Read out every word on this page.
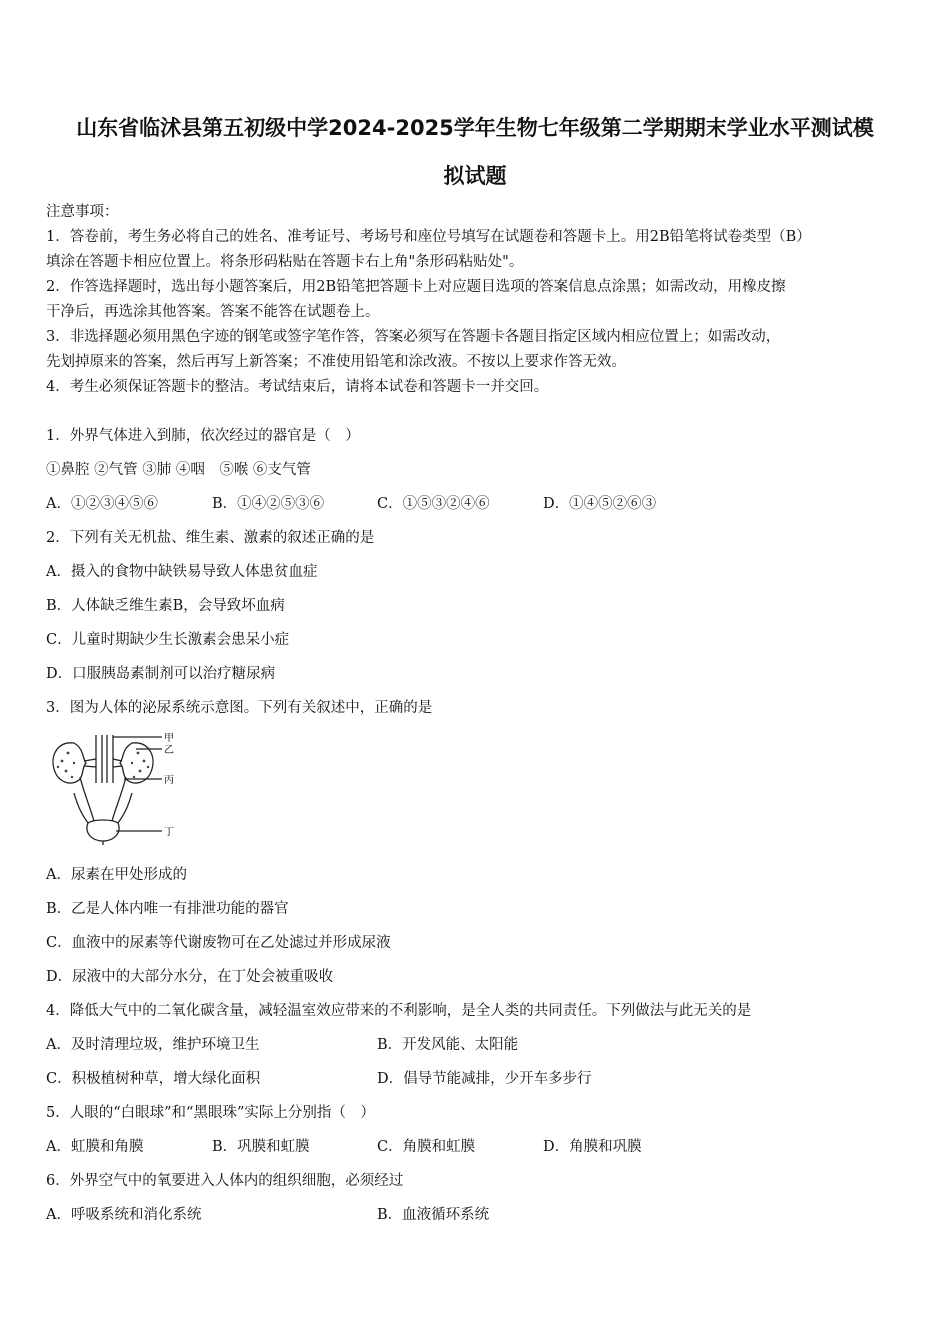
山东省临沭县第五初级中学2024-2025学年生物七年级第二学期期末学业水平测试模
拟试题
注意事项：
1．答卷前，考生务必将自己的姓名、准考证号、考场号和座位号填写在试题卷和答题卡上。用2B铅笔将试卷类型（B）
填涂在答题卡相应位置上。将条形码粘贴在答题卡右上角"条形码粘贴处"。
2．作答选择题时，选出每小题答案后，用2B铅笔把答题卡上对应题目选项的答案信息点涂黑；如需改动，用橡皮擦
干净后，再选涂其他答案。答案不能答在试题卷上。
3．非选择题必须用黑色字迹的钢笔或签字笔作答，答案必须写在答题卡各题目指定区域内相应位置上；如需改动，
先划掉原来的答案，然后再写上新答案；不准使用铅笔和涂改液。不按以上要求作答无效。
4．考生必须保证答题卡的整洁。考试结束后，请将本试卷和答题卡一并交回。
1．外界气体进入到肺，依次经过的器官是（　）
①鼻腔 ②气管 ③肺 ④咽　⑤喉 ⑥支气管
A．①②③④⑤⑥	B．①④②⑤③⑥	C．①⑤③②④⑥	D．①④⑤②⑥③
2．下列有关无机盐、维生素、激素的叙述正确的是
A．摄入的食物中缺铁易导致人体患贫血症
B．人体缺乏维生素B，会导致坏血病
C．儿童时期缺少生长激素会患呆小症
D．口服胰岛素制剂可以治疗糖尿病
3．图为人体的泌尿系统示意图。下列有关叙述中，正确的是
甲
乙
丙
丁
A．尿素在甲处形成的
B．乙是人体内唯一有排泄功能的器官
C．血液中的尿素等代谢废物可在乙处滤过并形成尿液
D．尿液中的大部分水分，在丁处会被重吸收
4．降低大气中的二氧化碳含量，减轻温室效应带来的不利影响，是全人类的共同责任。下列做法与此无关的是
A．及时清理垃圾，维护环境卫生	B．开发风能、太阳能
C．积极植树种草，增大绿化面积	D．倡导节能减排，少开车多步行
5．人眼的“白眼球”和“黑眼珠”实际上分别指（　）
A．虹膜和角膜	B．巩膜和虹膜	C．角膜和虹膜	D．角膜和巩膜
6．外界空气中的氧要进入人体内的组织细胞，必须经过
A．呼吸系统和消化系统	B．血液循环系统
